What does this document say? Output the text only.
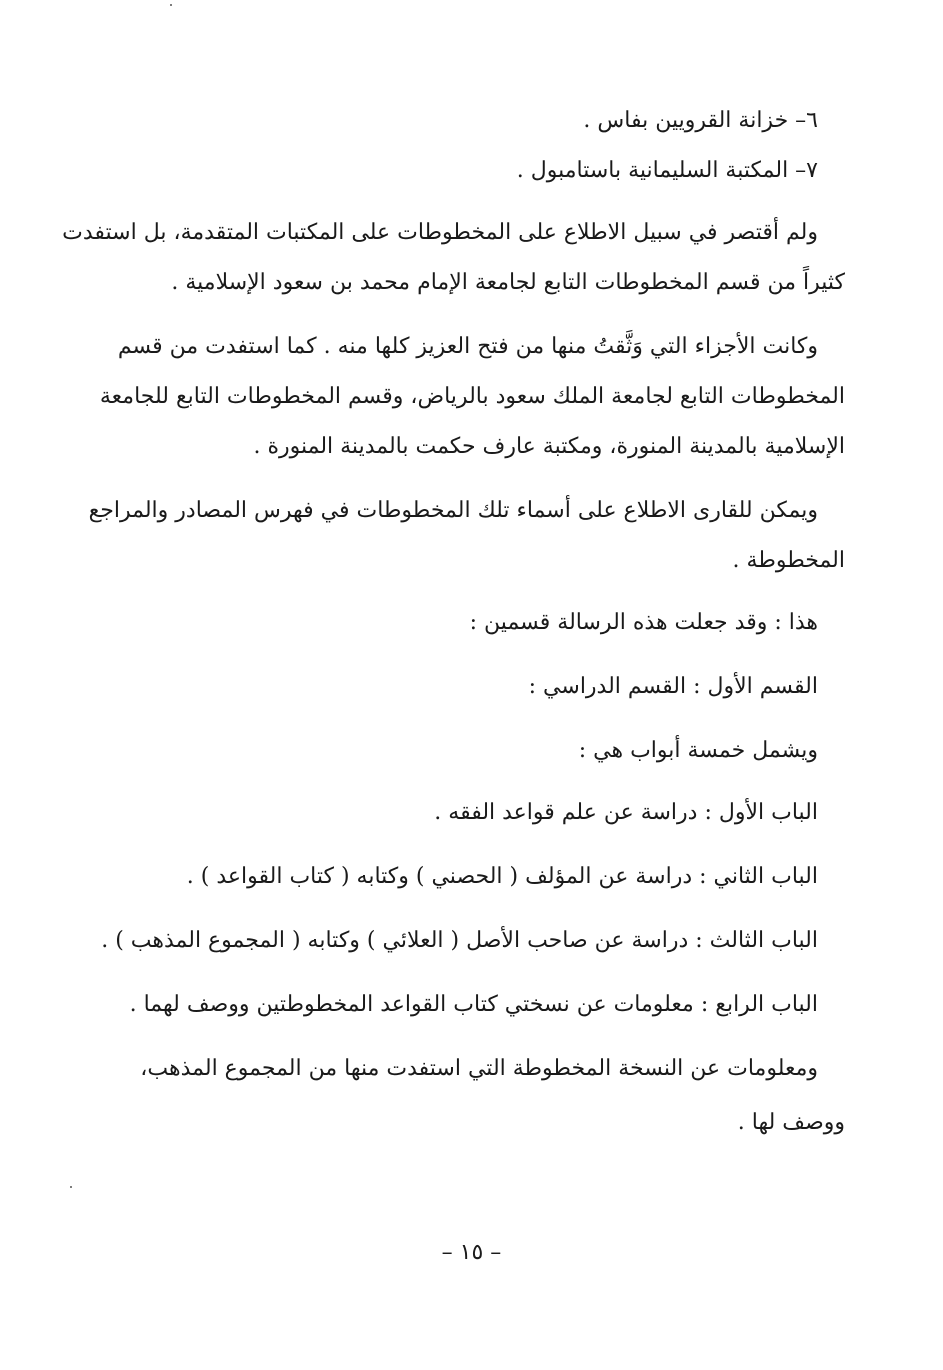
٦– خزانة القرويين بفاس .
٧– المكتبة السليمانية باستامبول .
ولم أقتصر في سبيل الاطلاع على المخطوطات على المكتبات المتقدمة، بل استفدت
كثيراً من قسم المخطوطات التابع لجامعة الإمام محمد بن سعود الإسلامية .
وكانت الأجزاء التي وَثَّقتُ منها من فتح العزيز كلها منه . كما استفدت من قسم
المخطوطات التابع لجامعة الملك سعود بالرياض، وقسم المخطوطات التابع للجامعة
الإسلامية بالمدينة المنورة، ومكتبة عارف حكمت بالمدينة المنورة .
ويمكن للقارى الاطلاع على أسماء تلك المخطوطات في فهرس المصادر والمراجع
المخطوطة .
هذا : وقد جعلت هذه الرسالة قسمين :
القسم الأول : القسم الدراسي :
ويشمل خمسة أبواب هي :
الباب الأول : دراسة عن علم قواعد الفقه .
الباب الثاني : دراسة عن المؤلف ( الحصني ) وكتابه ( كتاب القواعد ) .
الباب الثالث : دراسة عن صاحب الأصل ( العلائي ) وكتابه ( المجموع المذهب ) .
الباب الرابع : معلومات عن نسختي كتاب القواعد المخطوطتين ووصف لهما .
ومعلومات عن النسخة المخطوطة التي استفدت منها من المجموع المذهب،
ووصف لها .
– ١٥ –
